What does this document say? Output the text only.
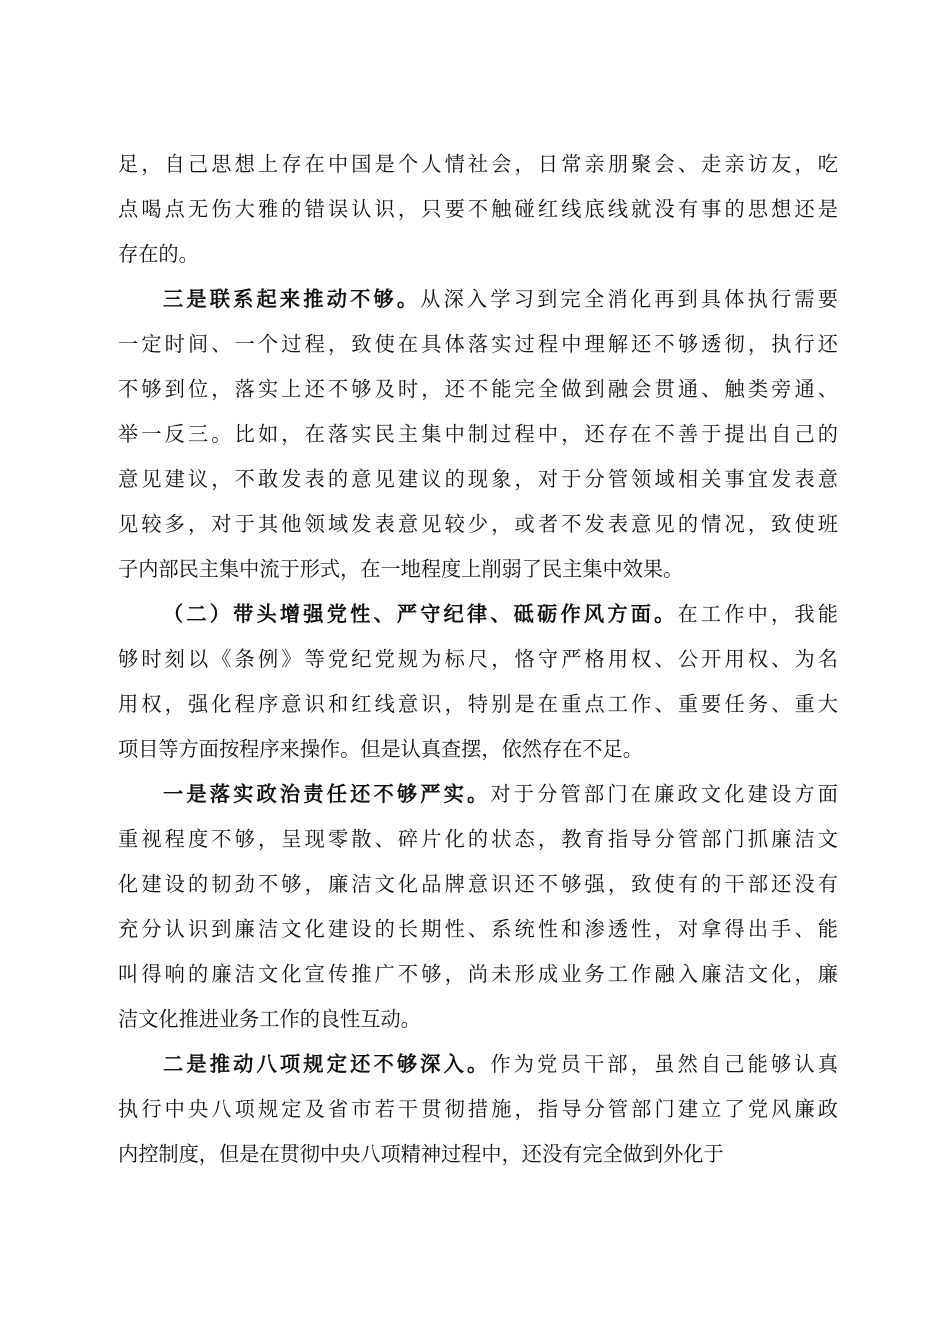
足，自己思想上存在中国是个人情社会，日常亲朋聚会、走亲访友，吃
点喝点无伤大雅的错误认识，只要不触碰红线底线就没有事的思想还是
存在的。
三是联系起来推动不够。从深入学习到完全消化再到具体执行需要
一定时间、一个过程，致使在具体落实过程中理解还不够透彻，执行还
不够到位，落实上还不够及时，还不能完全做到融会贯通、触类旁通、
举一反三。比如，在落实民主集中制过程中，还存在不善于提出自己的
意见建议，不敢发表的意见建议的现象，对于分管领域相关事宜发表意
见较多，对于其他领域发表意见较少，或者不发表意见的情况，致使班
子内部民主集中流于形式，在一地程度上削弱了民主集中效果。
（二）带头增强党性、严守纪律、砥砺作风方面。在工作中，我能
够时刻以《条例》等党纪党规为标尺，恪守严格用权、公开用权、为名
用权，强化程序意识和红线意识，特别是在重点工作、重要任务、重大
项目等方面按程序来操作。但是认真查摆，依然存在不足。
一是落实政治责任还不够严实。对于分管部门在廉政文化建设方面
重视程度不够，呈现零散、碎片化的状态，教育指导分管部门抓廉洁文
化建设的韧劲不够，廉洁文化品牌意识还不够强，致使有的干部还没有
充分认识到廉洁文化建设的长期性、系统性和渗透性，对拿得出手、能
叫得响的廉洁文化宣传推广不够，尚未形成业务工作融入廉洁文化，廉
洁文化推进业务工作的良性互动。
二是推动八项规定还不够深入。作为党员干部，虽然自己能够认真
执行中央八项规定及省市若干贯彻措施，指导分管部门建立了党风廉政
内控制度，但是在贯彻中央八项精神过程中，还没有完全做到外化于
